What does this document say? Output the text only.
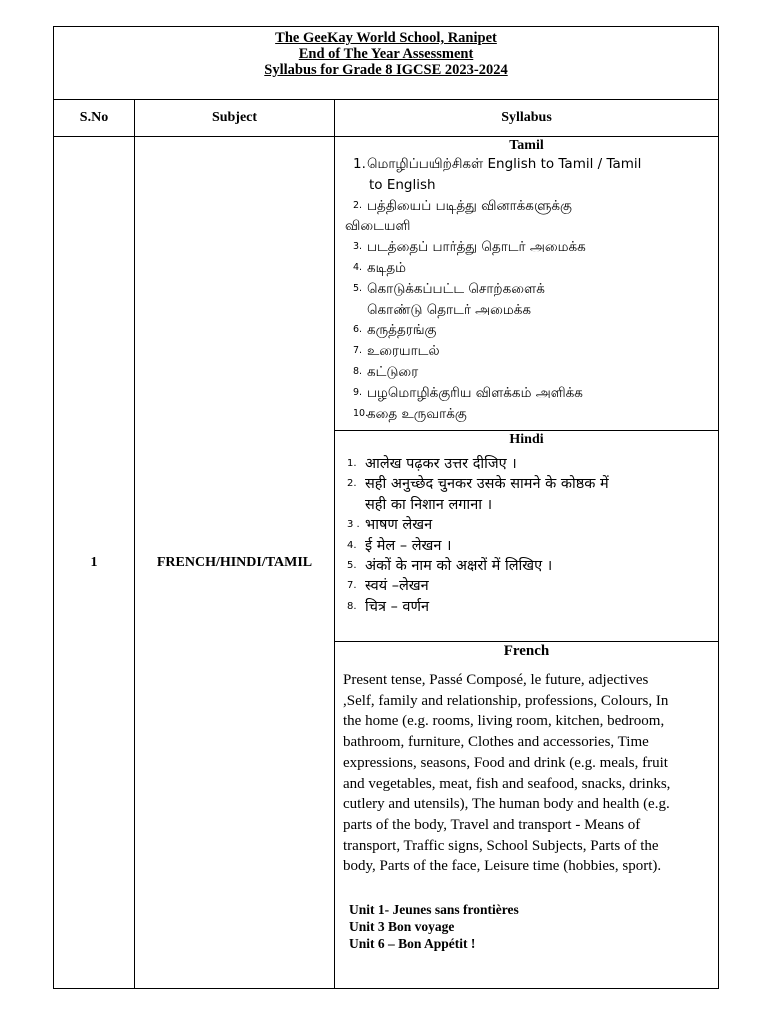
The GeeKay World School, Ranipet
End of The Year Assessment
Syllabus for Grade 8 IGCSE 2023-2024
S.No	Subject	Syllabus
1	FRENCH/HINDI/TAMIL
Tamil
1. மொழிப்பயிற்சிகள் English to Tamil / Tamil
to English
2. பத்தியைப் படித்து வினாக்களுக்கு
விடையளி
3. படத்தைப் பார்த்து தொடர் அமைக்க
4. கடிதம்
5. கொடுக்கப்பட்ட சொற்களைக்
கொண்டு தொடர் அமைக்க
6. கருத்தரங்கு
7. உரையாடல்
8. கட்டுரை
9. பழமொழிக்குரிய விளக்கம் அளிக்க
10.
கதை உருவாக்கு
Hindi
1. आलेख पढ़कर उत्तर दीजिए ।
2. सही अनुच्छेद चुनकर उसके सामने के कोष्ठक में
सही का निशान लगाना ।
3 . भाषण लेखन
4. ई मेल – लेखन ।
5. अंकों के नाम को अक्षरों में लिखिए ।
7. स्वयं –लेखन
8. चित्र – वर्णन
French
Present tense, Passé Composé, le future, adjectives
,Self, family and relationship, professions, Colours, In
the home (e.g. rooms, living room, kitchen, bedroom,
bathroom, furniture, Clothes and accessories, Time
expressions, seasons, Food and drink (e.g. meals, fruit
and vegetables, meat, fish and seafood, snacks, drinks,
cutlery and utensils), The human body and health (e.g.
parts of the body, Travel and transport - Means of
transport, Traffic signs, School Subjects, Parts of the
body, Parts of the face, Leisure time (hobbies, sport).
Unit 1- Jeunes sans frontières
Unit 3 Bon voyage
Unit 6 – Bon Appétit !
